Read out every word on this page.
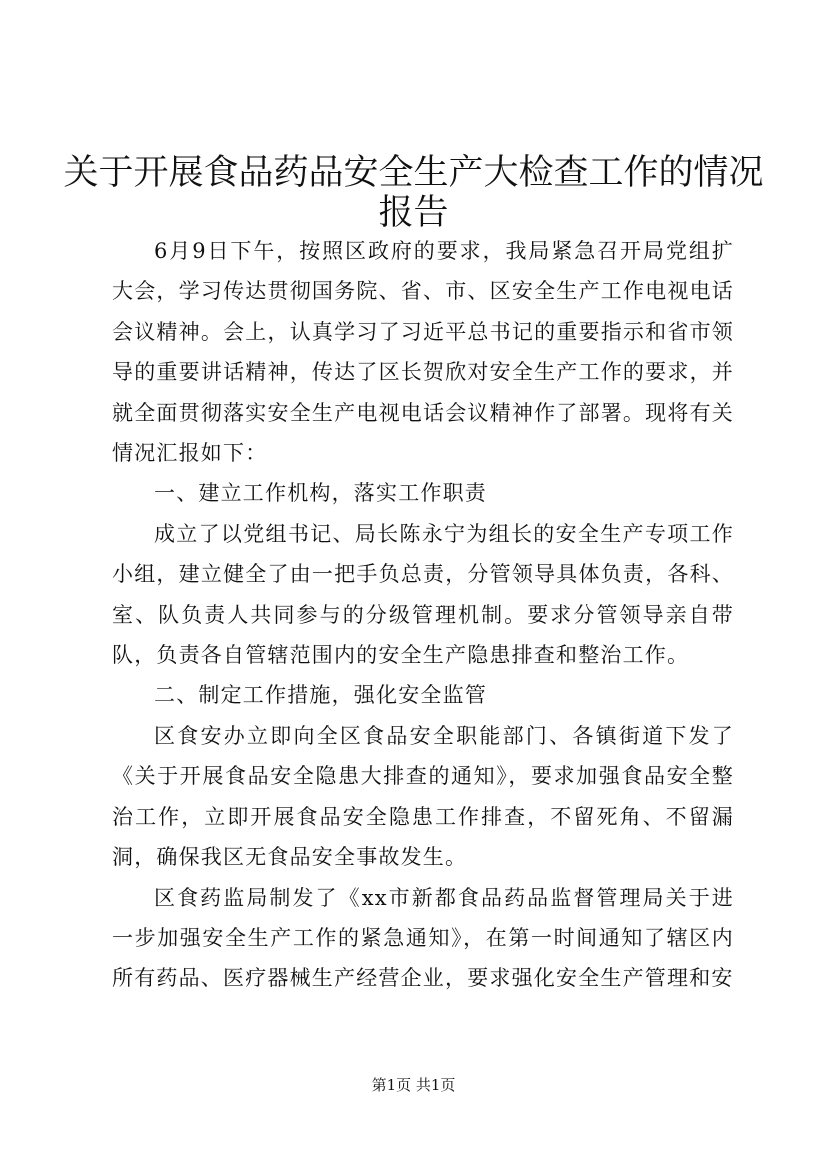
关于开展食品药品安全生产大检查工作的情况
报告

6月9日下午，按照区政府的要求，我局紧急召开局党组扩大会，学习传达贯彻国务院、省、市、区安全生产工作电视电话会议精神。会上，认真学习了习近平总书记的重要指示和省市领导的重要讲话精神，传达了区长贺欣对安全生产工作的要求，并就全面贯彻落实安全生产电视电话会议精神作了部署。现将有关情况汇报如下：

一、建立工作机构，落实工作职责

成立了以党组书记、局长陈永宁为组长的安全生产专项工作小组，建立健全了由一把手负总责，分管领导具体负责，各科、室、队负责人共同参与的分级管理机制。要求分管领导亲自带队，负责各自管辖范围内的安全生产隐患排查和整治工作。

二、制定工作措施，强化安全监管

区食安办立即向全区食品安全职能部门、各镇街道下发了《关于开展食品安全隐患大排查的通知》，要求加强食品安全整治工作，立即开展食品安全隐患工作排查，不留死角、不留漏洞，确保我区无食品安全事故发生。

区食药监局制发了《xx市新都食品药品监督管理局关于进一步加强安全生产工作的紧急通知》，在第一时间通知了辖区内所有药品、医疗器械生产经营企业，要求强化安全生产管理和安

第1页 共1页
